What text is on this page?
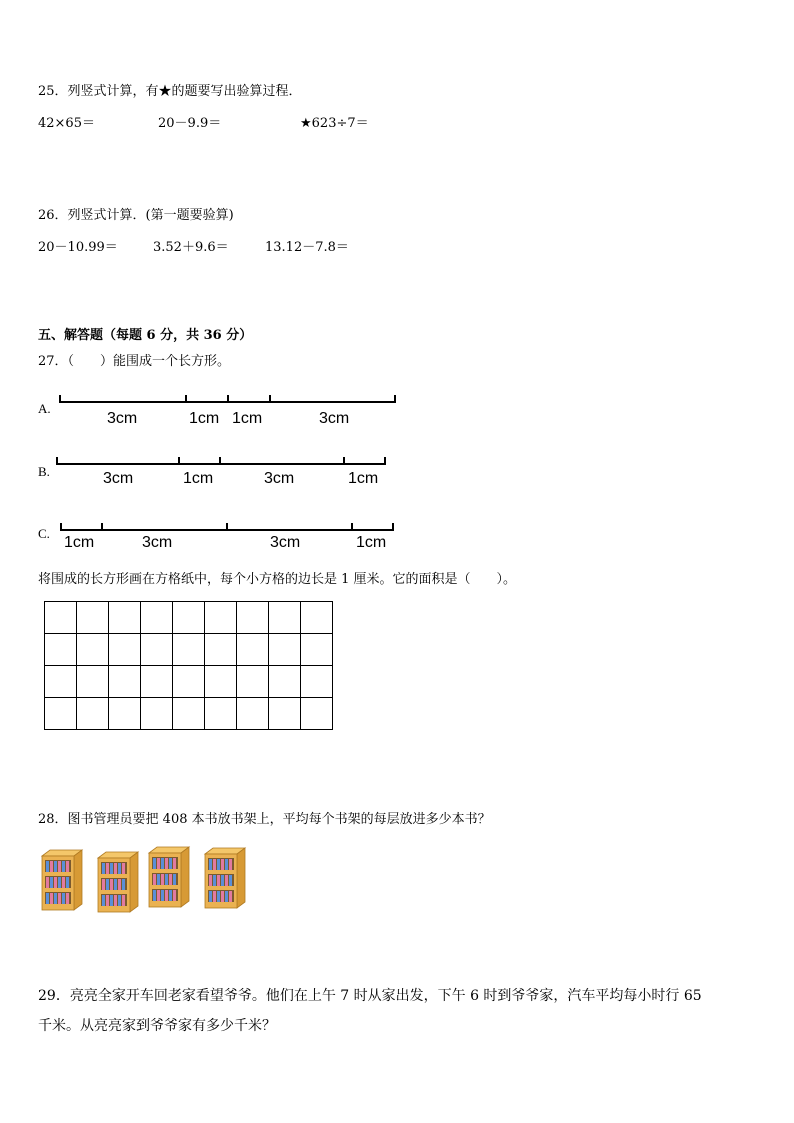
25．列竖式计算，有★的题要写出验算过程．
42×65＝	20－9.9＝	★623÷7＝
26．列竖式计算．(第一题要验算)
20－10.99＝	3.52＋9.6＝	13.12－7.8＝
五、解答题（每题 6 分，共 36 分）
27．（　　）能围成一个长方形。
A.
3cm	1cm 1cm	3cm
B.	3cm	1cm	3cm	1cm
C.
1cm	3cm	3cm	1cm
将围成的长方形画在方格纸中，每个小方格的边长是 1 厘米。它的面积是（　　）。

28．图书管理员要把 408 本书放书架上，平均每个书架的每层放进多少本书？
29．亮亮全家开车回老家看望爷爷。他们在上午 7 时从家出发，下午 6 时到爷爷家，汽车平均每小时行 65
千米。从亮亮家到爷爷家有多少千米？
